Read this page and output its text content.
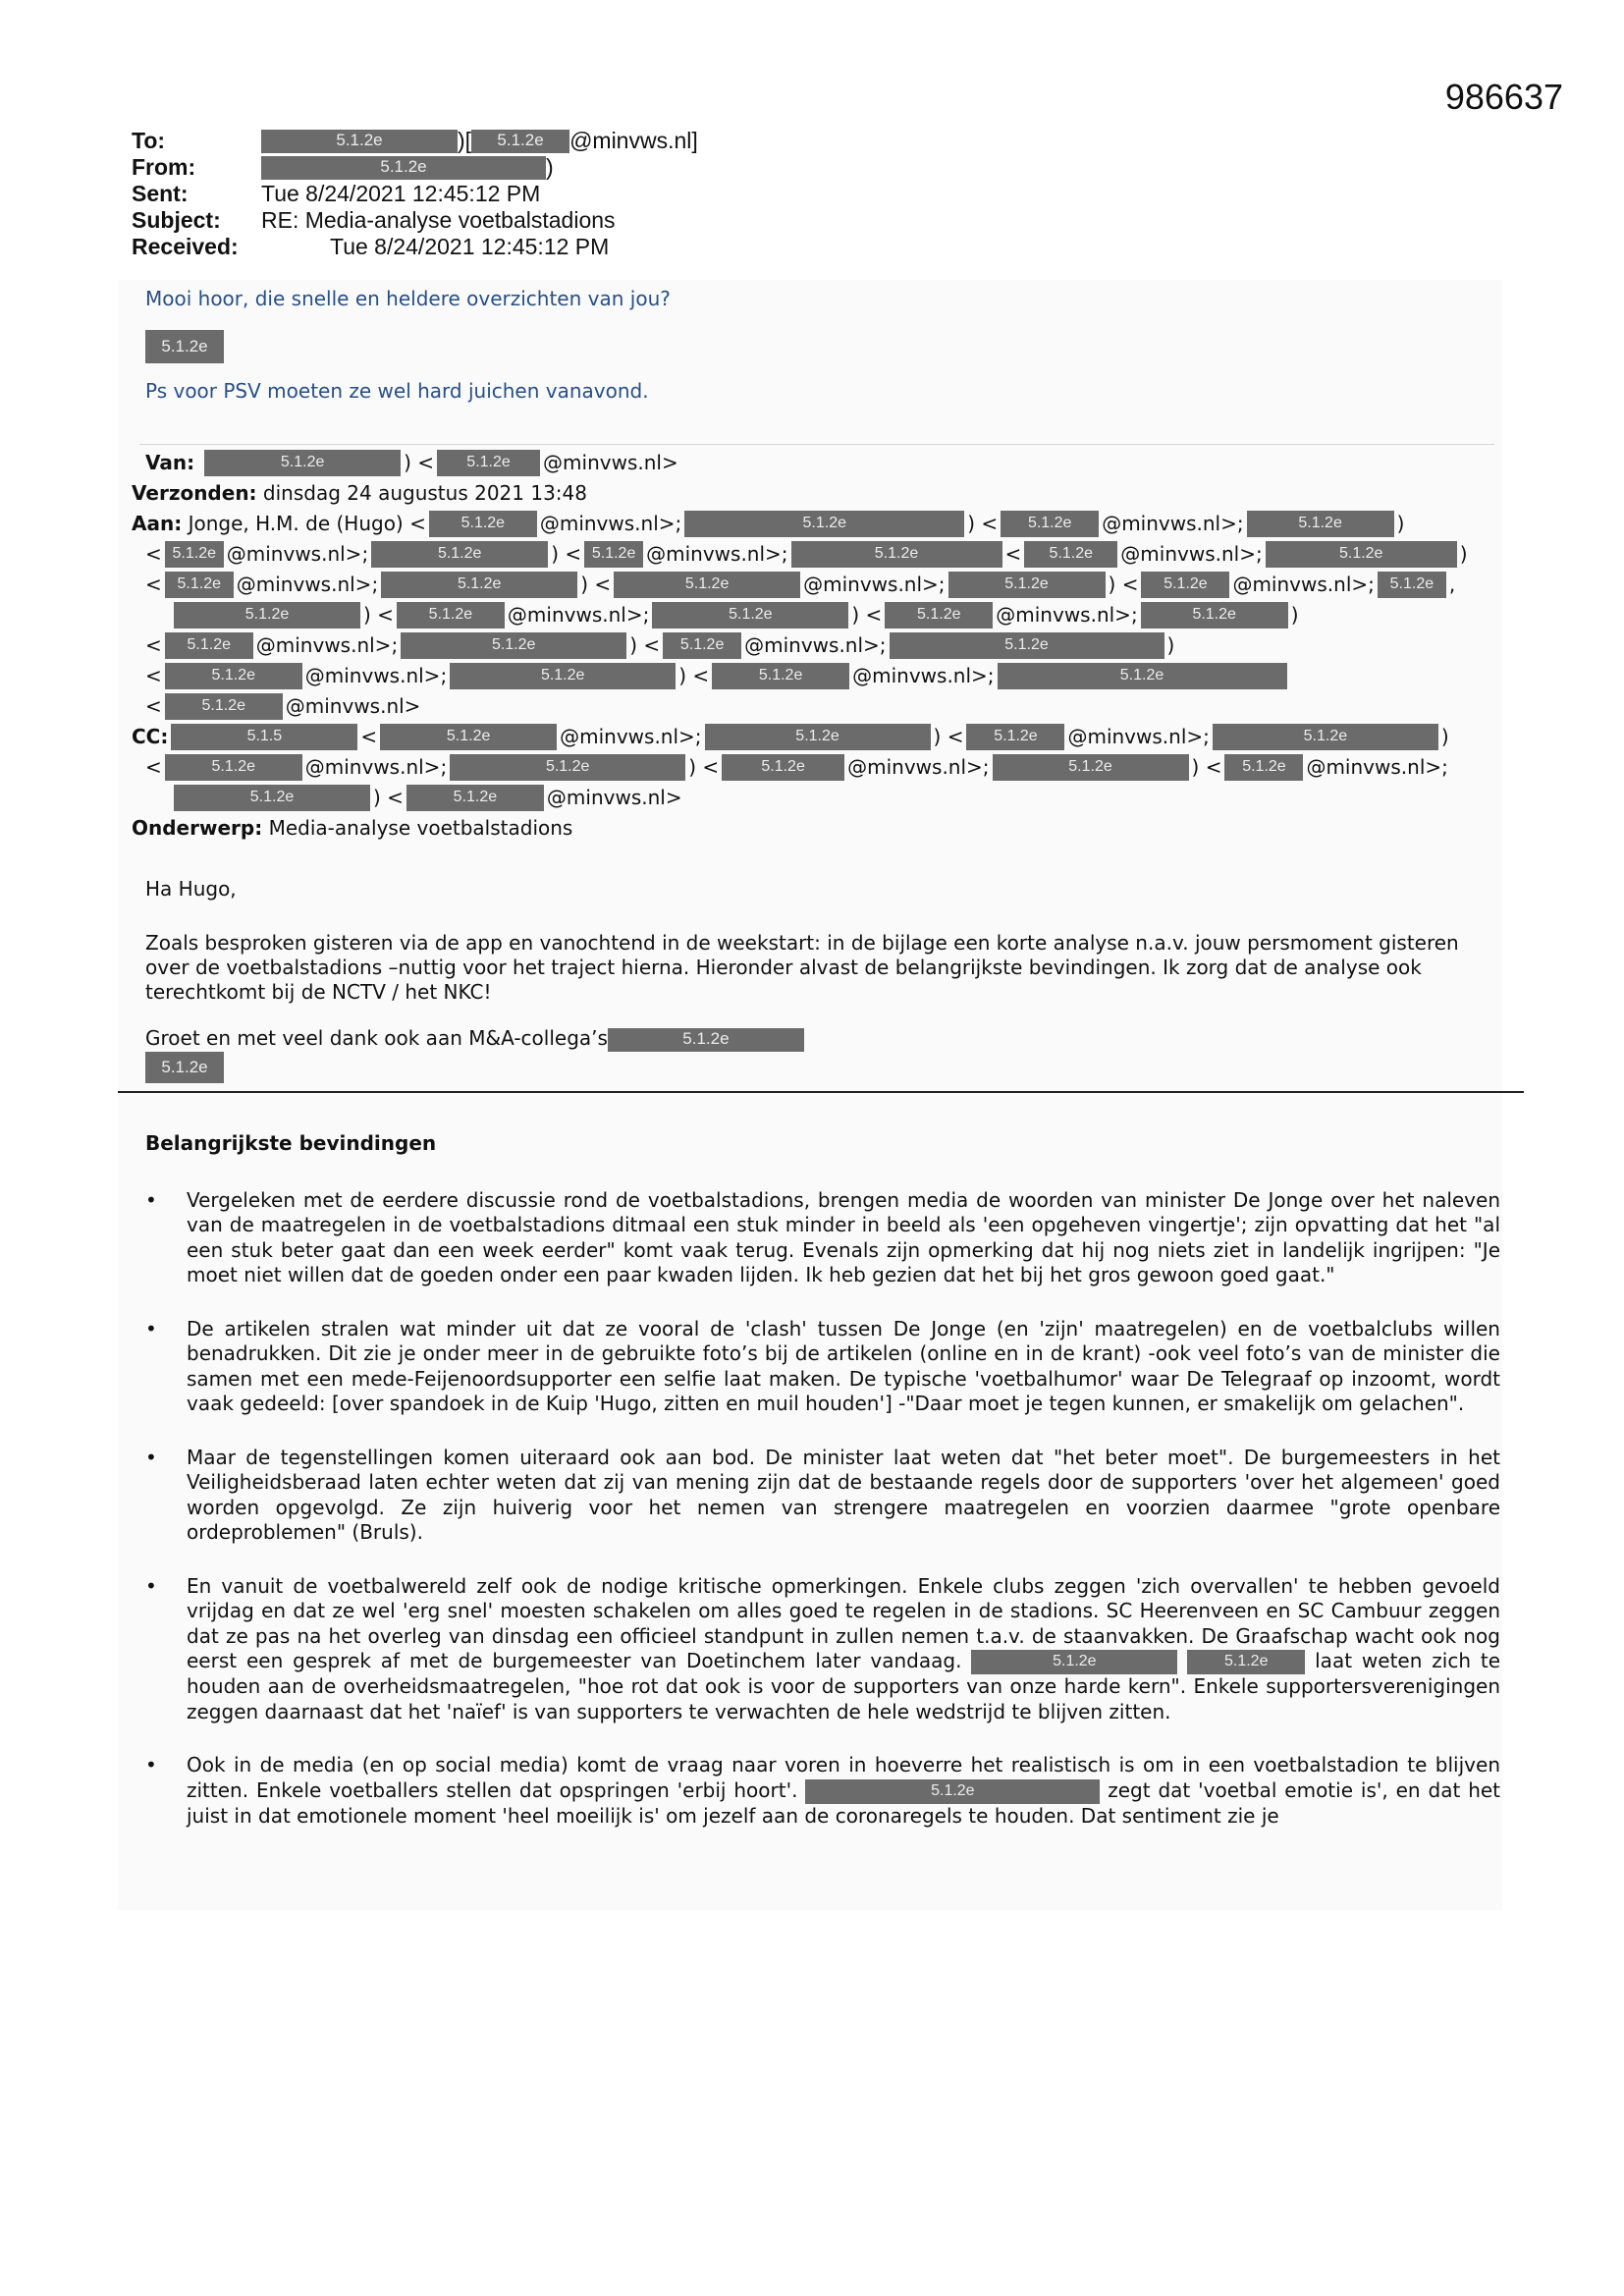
986637
To:	5.1.2e	)[	5.1.2e	@minvws.nl]
From:	5.1.2e	)
Sent:	Tue 8/24/2021 12:45:12 PM
Subject:	RE: Media-analyse voetbalstadions
Received:	Tue 8/24/2021 12:45:12 PM

Mooi hoor, die snelle en heldere overzichten van jou?

5.1.2e

Ps voor PSV moeten ze wel hard juichen vanavond.

Van:	5.1.2e	) <	5.1.2e	@minvws.nl>
Verzonden:
dinsdag 24 augustus 2021 13:48
Aan:
Jonge, H.M. de (Hugo) <	5.1.2e	@minvws.nl>;	5.1.2e	) <	5.1.2e	@minvws.nl>;	5.1.2e	)
< 5.1.2e @minvws.nl>;	5.1.2e	) < 5.1.2e @minvws.nl>;	5.1.2e	<	5.1.2e	@minvws.nl>;	5.1.2e	)
< 5.1.2e @minvws.nl>;	5.1.2e	) <	5.1.2e	@minvws.nl>;	5.1.2e	) <	5.1.2e	@minvws.nl>; 5.1.2e ,
5.1.2e	) <	5.1.2e	@minvws.nl>;	5.1.2e	) <	5.1.2e	@minvws.nl>;	5.1.2e	)
<	5.1.2e	@minvws.nl>;	5.1.2e	) <	5.1.2e	@minvws.nl>;	5.1.2e	)
<	5.1.2e	@minvws.nl>;	5.1.2e	) <	5.1.2e	@minvws.nl>;	5.1.2e
<	5.1.2e	@minvws.nl>
CC:	5.1.5	<	5.1.2e	@minvws.nl>;	5.1.2e	) <	5.1.2e	@minvws.nl>;	5.1.2e	)
<	5.1.2e	@minvws.nl>;	5.1.2e	) <	5.1.2e	@minvws.nl>;	5.1.2e	) <	5.1.2e	@minvws.nl>;
5.1.2e	) <	5.1.2e	@minvws.nl>
Onderwerp:
Media-analyse voetbalstadions

Ha Hugo,

Zoals besproken gisteren via de app en vanochtend in de weekstart: in de bijlage een korte analyse n.a.v. jouw persmoment gisteren over de voetbalstadions –nuttig voor het traject hierna. Hieronder alvast de belangrijkste bevindingen. Ik zorg dat de analyse ook terechtkomt bij de NCTV / het NKC!

Groet en met veel dank ook aan M&A-collega’s	5.1.2e

5.1.2e
Belangrijkste bevindingen
• Vergeleken met de eerdere discussie rond de voetbalstadions, brengen media de woorden van minister De Jonge over het naleven van de maatregelen in de voetbalstadions ditmaal een stuk minder in beeld als 'een opgeheven vingertje'; zijn opvatting dat het "al een stuk beter gaat dan een week eerder" komt vaak terug. Evenals zijn opmerking dat hij nog niets ziet in landelijk ingrijpen: "Je moet niet willen dat de goeden onder een paar kwaden lijden. Ik heb gezien dat het bij het gros gewoon goed gaat."
• De artikelen stralen wat minder uit dat ze vooral de 'clash' tussen De Jonge (en 'zijn' maatregelen) en de voetbalclubs willen benadrukken. Dit zie je onder meer in de gebruikte foto’s bij de artikelen (online en in de krant) -ook veel foto’s van de minister die samen met een mede-Feijenoordsupporter een selfie laat maken. De typische 'voetbalhumor' waar De Telegraaf op inzoomt, wordt vaak gedeeld: [over spandoek in de Kuip 'Hugo, zitten en muil houden'] -"Daar moet je tegen kunnen, er smakelijk om gelachen".
• Maar de tegenstellingen komen uiteraard ook aan bod. De minister laat weten dat "het beter moet". De burgemeesters in het Veiligheidsberaad laten echter weten dat zij van mening zijn dat de bestaande regels door de supporters 'over het algemeen' goed worden opgevolgd. Ze zijn huiverig voor het nemen van strengere maatregelen en voorzien daarmee "grote openbare ordeproblemen" (Bruls).
• En vanuit de voetbalwereld zelf ook de nodige kritische opmerkingen. Enkele clubs zeggen 'zich overvallen' te hebben gevoeld vrijdag en dat ze wel 'erg snel' moesten schakelen om alles goed te regelen in de stadions. SC Heerenveen en SC Cambuur zeggen dat ze pas na het overleg van dinsdag een officieel standpunt in zullen nemen t.a.v. de staanvakken. De Graafschap wacht ook nog eerst een gesprek af met de burgemeester van Doetinchem later vandaag.	5.1.2e	5.1.2e laat weten zich te houden aan de overheidsmaatregelen, "hoe rot dat ook is voor de supporters van onze harde kern". Enkele supportersverenigingen zeggen daarnaast dat het 'naïef' is van supporters te verwachten de hele wedstrijd te blijven zitten.
• Ook in de media (en op social media) komt de vraag naar voren in hoeverre het realistisch is om in een voetbalstadion te blijven zitten. Enkele voetballers stellen dat opspringen 'erbij hoort'.	5.1.2e	zegt dat 'voetbal emotie is', en dat het juist in dat emotionele moment 'heel moeilijk is' om jezelf aan de coronaregels te houden. Dat sentiment zie je
